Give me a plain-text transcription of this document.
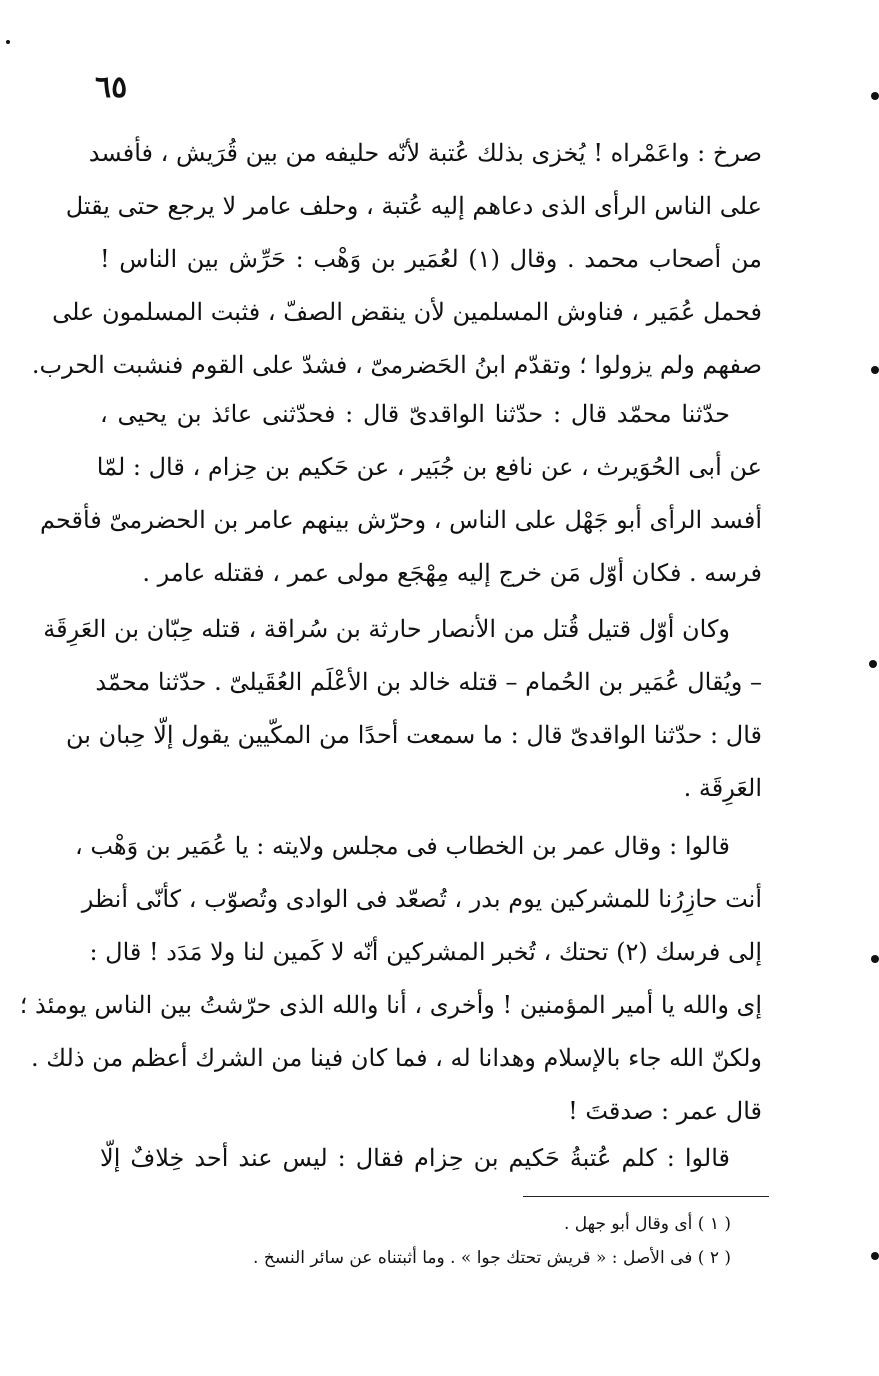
٦٥
صرخ : واعَمْراه ! يُخزى بذلك عُتبة لأنّه حليفه من بين قُرَيش ، فأفسد
على الناس الرأى الذى دعاهم إليه عُتبة ، وحلف عامر لا يرجع حتى يقتل
من أصحاب محمد . وقال (١) لعُمَير بن وَهْب : حَرِّش بين الناس !
فحمل عُمَير ، فناوش المسلمين لأن ينقض الصفّ ، فثبت المسلمون على
صفهم ولم يزولوا ؛ وتقدّم ابنُ الحَضرمىّ ، فشدّ على القوم فنشبت الحرب.
حدّثنا محمّد قال : حدّثنا الواقدىّ قال : فحدّثنى عائذ بن يحيى ،
عن أبى الحُوَيرث ، عن نافع بن جُبَير ، عن حَكيم بن حِزام ، قال : لمّا
أفسد الرأى أبو جَهْل على الناس ، وحرّش بينهم عامر بن الحضرمىّ فأقحم
فرسه . فكان أوّل مَن خرج إليه مِهْجَع مولى عمر ، فقتله عامر .
وكان أوّل قتيل قُتل من الأنصار حارثة بن سُراقة ، قتله حِبّان بن العَرِقَة
– ويُقال عُمَير بن الحُمام – قتله خالد بن الأعْلَم العُقَيلىّ . حدّثنا محمّد
قال : حدّثنا الواقدىّ قال : ما سمعت أحدًا من المكّيين يقول إلّا حِبان بن
العَرِقَة .
قالوا : وقال عمر بن الخطاب فى مجلس ولايته : يا عُمَير بن وَهْب ،
أنت حازِرُنا للمشركين يوم بدر ، تُصعّد فى الوادى وتُصوّب ، كأنّى أنظر
إلى فرسك (٢) تحتك ، تُخبر المشركين أنّه لا كَمين لنا ولا مَدَد ! قال :
إى والله يا أمير المؤمنين ! وأخرى ، أنا والله الذى حرّشتُ بين الناس يومئذ ؛
ولكنّ الله جاء بالإسلام وهدانا له ، فما كان فينا من الشرك أعظم من ذلك .
قال عمر : صدقتَ !
قالوا : كلم عُتبةُ حَكيم بن حِزام فقال : ليس عند أحد خِلافٌ إلّا
( ١ ) أى وقال أبو جهل .
( ٢ ) فى الأصل : « قريش تحتك جوا » . وما أثبتناه عن سائر النسخ .
